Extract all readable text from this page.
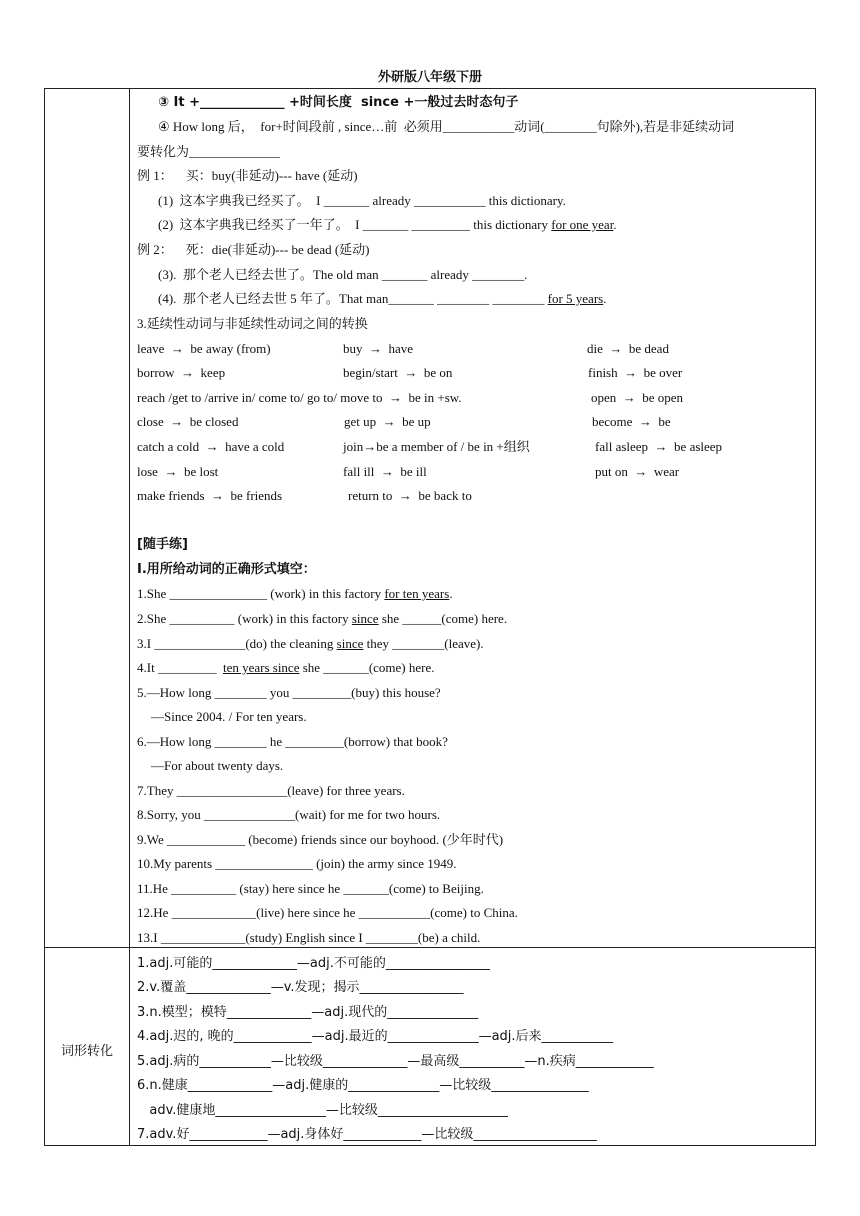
外研版八年级下册
③ It +_____________ +时间长度  since +一般过去时态句子
④ How long 后，  for+时间段前 , since…前  必须用___________动词(________句除外),若是非延续动词
要转化为______________
例 1：    买：buy(非延动)--- have (延动)
(1)  这本字典我已经买了。  I _______ already ___________ this dictionary.
(2)  这本字典我已经买了一年了。  I _______ _________ this dictionary for one year.
例 2：    死：die(非延动)--- be dead (延动)
(3).  那个老人已经去世了。The old man _______ already ________.
(4).  那个老人已经去世 5 年了。That man_______ ________ ________ for 5 years.
3.延续性动词与非延续性动词之间的转换
leave  →  be away (from)	buy  →  have	die  →  be dead
borrow  →  keep	begin/start  →  be on	finish  →  be over
reach /get to /arrive in/ come to/ go to/ move to  →  be in +sw.	open  →  be open
close  →  be closed	get up  →  be up	become  →  be
catch a cold  →  have a cold	join→be a member of / be in +组织	fall asleep  →  be asleep
lose  →  be lost	fall ill  →  be ill	put on  →  wear
make friends  →  be friends	return to  →  be back to
[随手练]
I.用所给动词的正确形式填空：
1.She _______________ (work) in this factory for ten years.
2.She __________ (work) in this factory since she ______(come) here.
3.I ______________(do) the cleaning since they ________(leave).
4.It _________  ten years since she _______(come) here.
5.—How long ________ you _________(buy) this house?
—Since 2004. / For ten years.
6.—How long ________ he _________(borrow) that book?
—For about twenty days.
7.They _________________(leave) for three years.
8.Sorry, you ______________(wait) for me for two hours.
9.We ____________ (become) friends since our boyhood. (少年时代)
10.My parents _______________ (join) the army since 1949.
11.He __________ (stay) here since he _______(come) to Beijing.
12.He _____________(live) here since he ___________(come) to China.
13.I _____________(study) English since I ________(be) a child.
词形转化
1.adj.可能的_____________—adj.不可能的________________
2.v.覆盖_____________—v.发现；揭示________________
3.n.模型；模特_____________—adj.现代的______________
4.adj.迟的, 晚的____________—adj.最近的______________—adj.后来___________
5.adj.病的___________—比较级_____________—最高级__________—n.疾病____________
6.n.健康_____________—adj.健康的______________—比较级_______________
adv.健康地_________________—比较级____________________
7.adv.好____________—adj.身体好____________—比较级___________________
